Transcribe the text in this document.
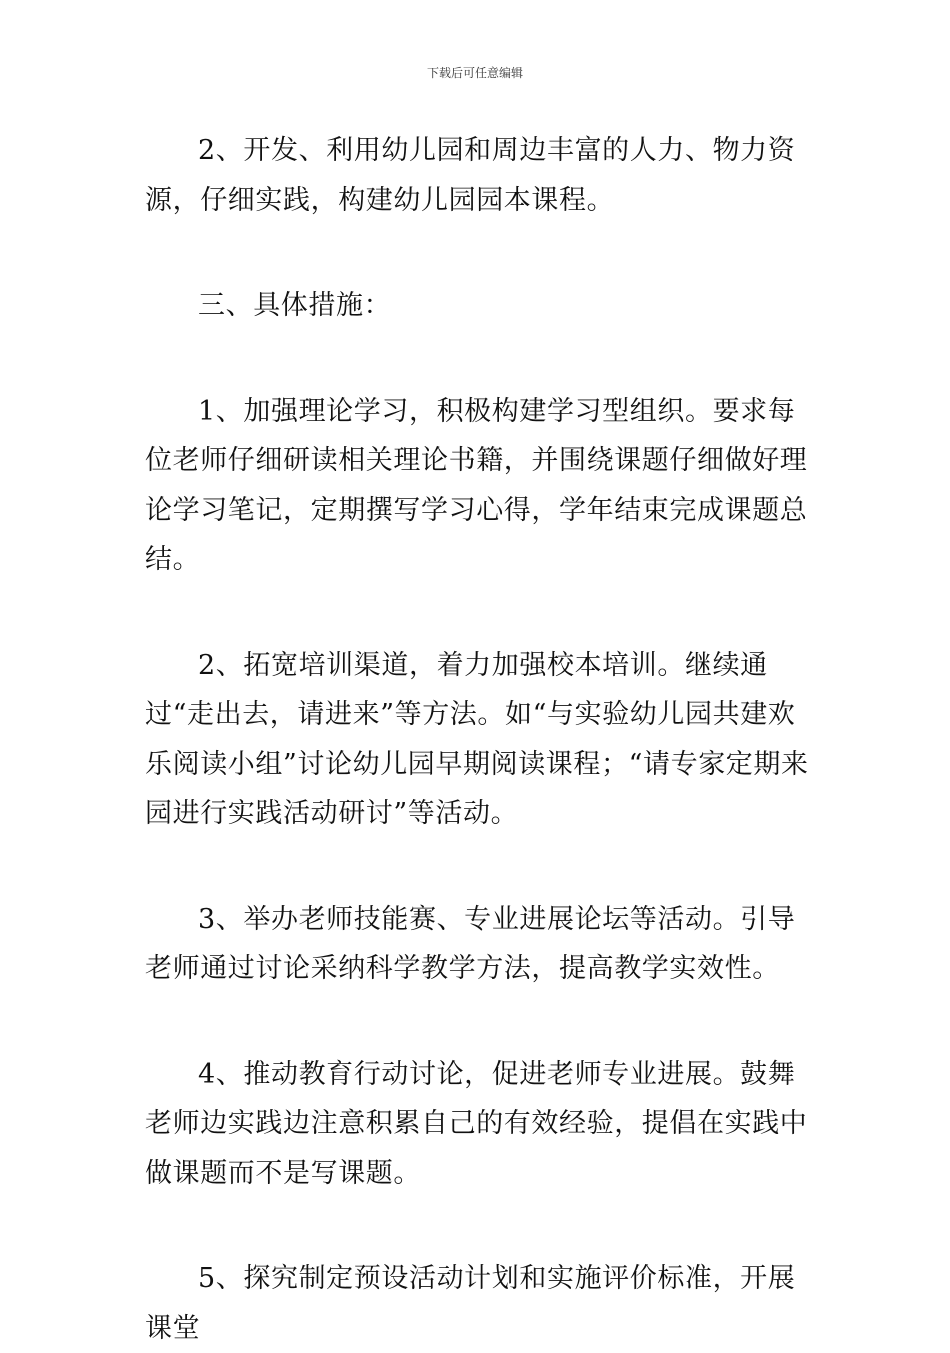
下载后可任意编辑

2、开发、利用幼儿园和周边丰富的人力、物力资源，仔细实践，构建幼儿园园本课程。

三、具体措施：

1、加强理论学习，积极构建学习型组织。要求每位老师仔细研读相关理论书籍，并围绕课题仔细做好理论学习笔记，定期撰写学习心得，学年结束完成课题总结。

2、拓宽培训渠道，着力加强校本培训。继续通过“走出去，请进来”等方法。如“与实验幼儿园共建欢乐阅读小组”讨论幼儿园早期阅读课程；“请专家定期来园进行实践活动研讨”等活动。

3、举办老师技能赛、专业进展论坛等活动。引导老师通过讨论采纳科学教学方法，提高教学实效性。

4、推动教育行动讨论，促进老师专业进展。鼓舞老师边实践边注意积累自己的有效经验，提倡在实践中做课题而不是写课题。

5、探究制定预设活动计划和实施评价标准，开展课堂
